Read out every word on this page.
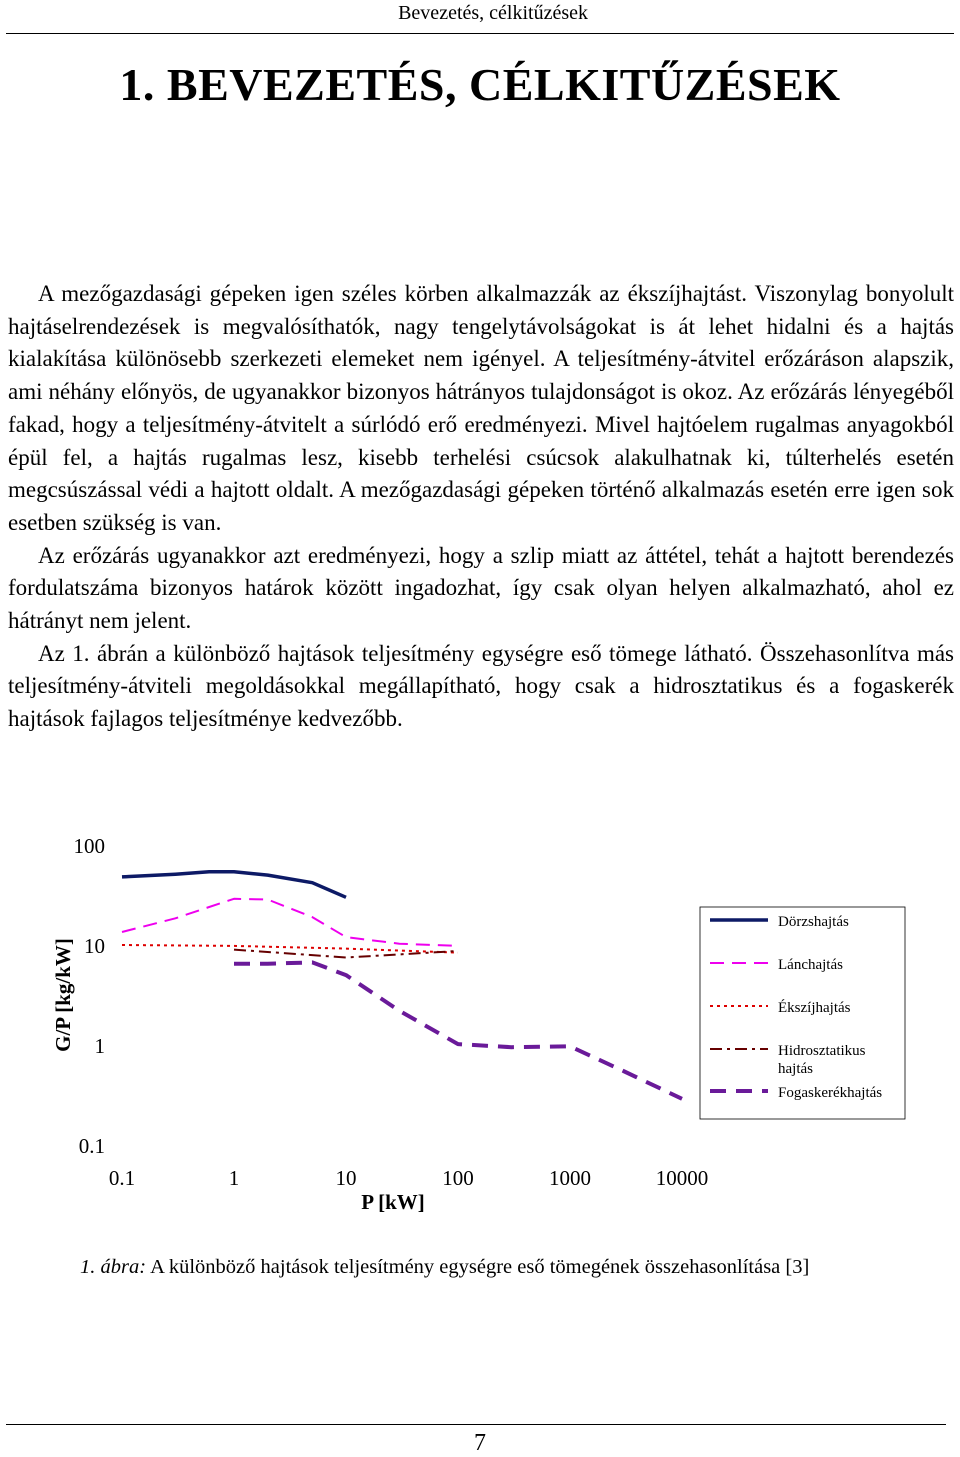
Bevezetés, célkitűzések
1. BEVEZETÉS, CÉLKITŰZÉSEK

A mezőgazdasági gépeken igen széles körben alkalmazzák az ékszíjhajtást. Viszonylag bonyolult hajtáselrendezések is megvalósíthatók, nagy tengelytávolságokat is át lehet hidalni és a hajtás kialakítása különösebb szerkezeti elemeket nem igényel. A teljesítmény-átvitel erőzáráson alapszik, ami néhány előnyös, de ugyanakkor bizonyos hátrányos tulajdonságot is okoz. Az erőzárás lényegéből fakad, hogy a teljesítmény-átvitelt a súrlódó erő eredményezi. Mivel hajtóelem rugalmas anyagokból épül fel, a hajtás rugalmas lesz, kisebb terhelési csúcsok alakulhatnak ki, túlterhelés esetén megcsúszással védi a hajtott oldalt. A mezőgazdasági gépeken történő alkalmazás esetén erre igen sok esetben szükség is van.

Az erőzárás ugyanakkor azt eredményezi, hogy a szlip miatt az áttétel, tehát a hajtott berendezés fordulatszáma bizonyos határok között ingadozhat, így csak olyan helyen alkalmazható, ahol ez hátrányt nem jelent.

Az 1. ábrán a különböző hajtások teljesítmény egységre eső tömege látható. Összehasonlítva más teljesítmény-átviteli megoldásokkal megállapítható, hogy csak a hidrosztatikus és a fogaskerék hajtások fajlagos teljesítménye kedvezőbb.

100
10
1
0.1
0.1	1	10	100	1000	10000
P [kW]
G/P [kg/kW]
Dörzshajtás
Lánchajtás
Ékszíjhajtás
Hidrosztatikus hajtás
Fogaskerékhajtás
1. ábra: A különböző hajtások teljesítmény egységre eső tömegének összehasonlítása [3]
7
